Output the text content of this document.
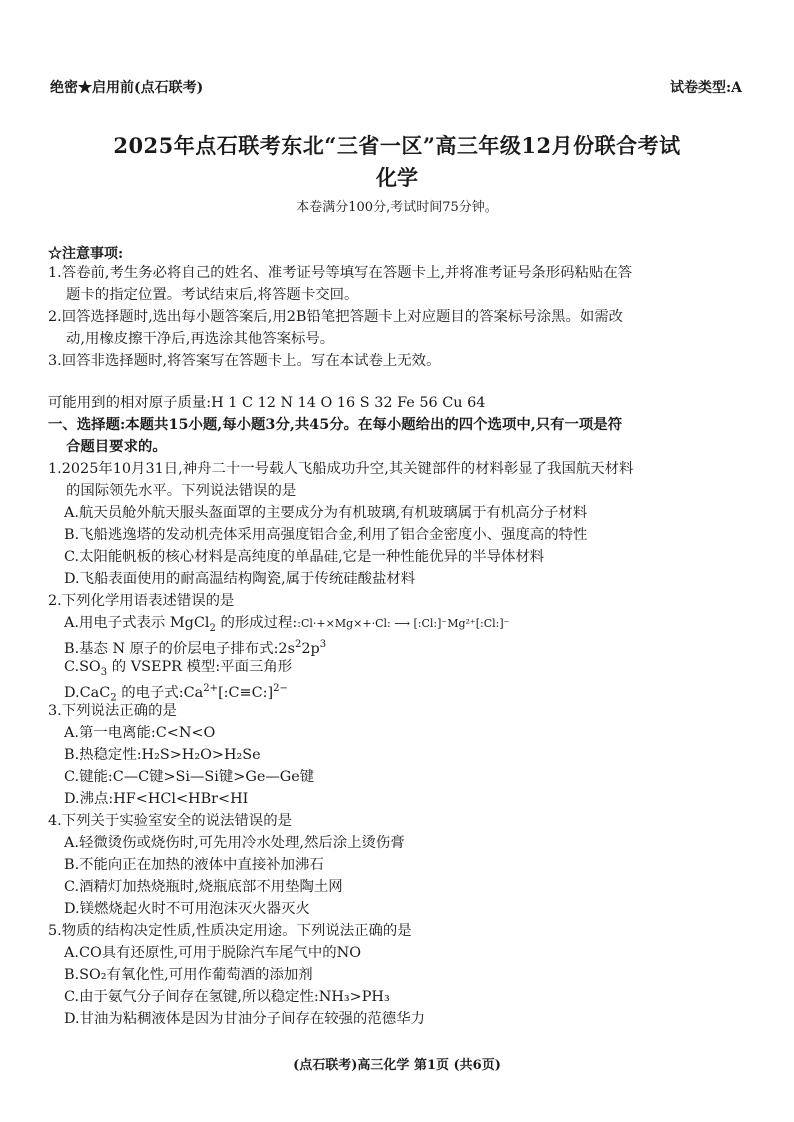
绝密★启用前(点石联考)	试卷类型:A
2025年点石联考东北“三省一区”高三年级12月份联合考试
化学
本卷满分100分,考试时间75分钟。
☆注意事项:
1.答卷前,考生务必将自己的姓名、准考证号等填写在答题卡上,并将准考证号条形码粘贴在答
题卡的指定位置。考试结束后,将答题卡交回。
2.回答选择题时,选出每小题答案后,用2B铅笔把答题卡上对应题目的答案标号涂黑。如需改
动,用橡皮擦干净后,再选涂其他答案标号。
3.回答非选择题时,将答案写在答题卡上。写在本试卷上无效。
可能用到的相对原子质量:H 1 C 12 N 14 O 16 S 32 Fe 56 Cu 64
一、选择题:本题共15小题,每小题3分,共45分。在每小题给出的四个选项中,只有一项是符
合题目要求的。
1.2025年10月31日,神舟二十一号载人飞船成功升空,其关键部件的材料彰显了我国航天材料
的国际领先水平。下列说法错误的是
A.航天员舱外航天服头盔面罩的主要成分为有机玻璃,有机玻璃属于有机高分子材料
B.飞船逃逸塔的发动机壳体采用高强度铝合金,利用了铝合金密度小、强度高的特性
C.太阳能帆板的核心材料是高纯度的单晶硅,它是一种性能优异的半导体材料
D.飞船表面使用的耐高温结构陶瓷,属于传统硅酸盐材料
2.下列化学用语表述错误的是
A.用电子式表示 MgCl$_2$ 的形成过程::Cl·+×Mg×+·Cl: ⟶ [:Cl:]⁻Mg²⁺[:Cl:]⁻
B.基态 N 原子的价层电子排布式$:2s^22p^3$
$C.SO_3$ 的 VSEPR 模型:平面三角形
D.CaC$_2$ 的电子式$:Ca^{2+}[:C\equiv C:]^{2-}$
3.下列说法正确的是
A.第一电离能:C<N<O
B.热稳定性:H₂S>H₂O>H₂Se
C.键能:C—C键>Si—Si键>Ge—Ge键
D.沸点:HF<HCl<HBr<HI
4.下列关于实验室安全的说法错误的是
A.轻微烫伤或烧伤时,可先用冷水处理,然后涂上烫伤膏
B.不能向正在加热的液体中直接补加沸石
C.酒精灯加热烧瓶时,烧瓶底部不用垫陶土网
D.镁燃烧起火时不可用泡沫灭火器灭火
5.物质的结构决定性质,性质决定用途。下列说法正确的是
A.CO具有还原性,可用于脱除汽车尾气中的NO
B.SO₂有氧化性,可用作葡萄酒的添加剂
C.由于氨气分子间存在氢键,所以稳定性:NH₃>PH₃
D.甘油为粘稠液体是因为甘油分子间存在较强的范德华力
(点石联考)高三化学 第1页 (共6页)
